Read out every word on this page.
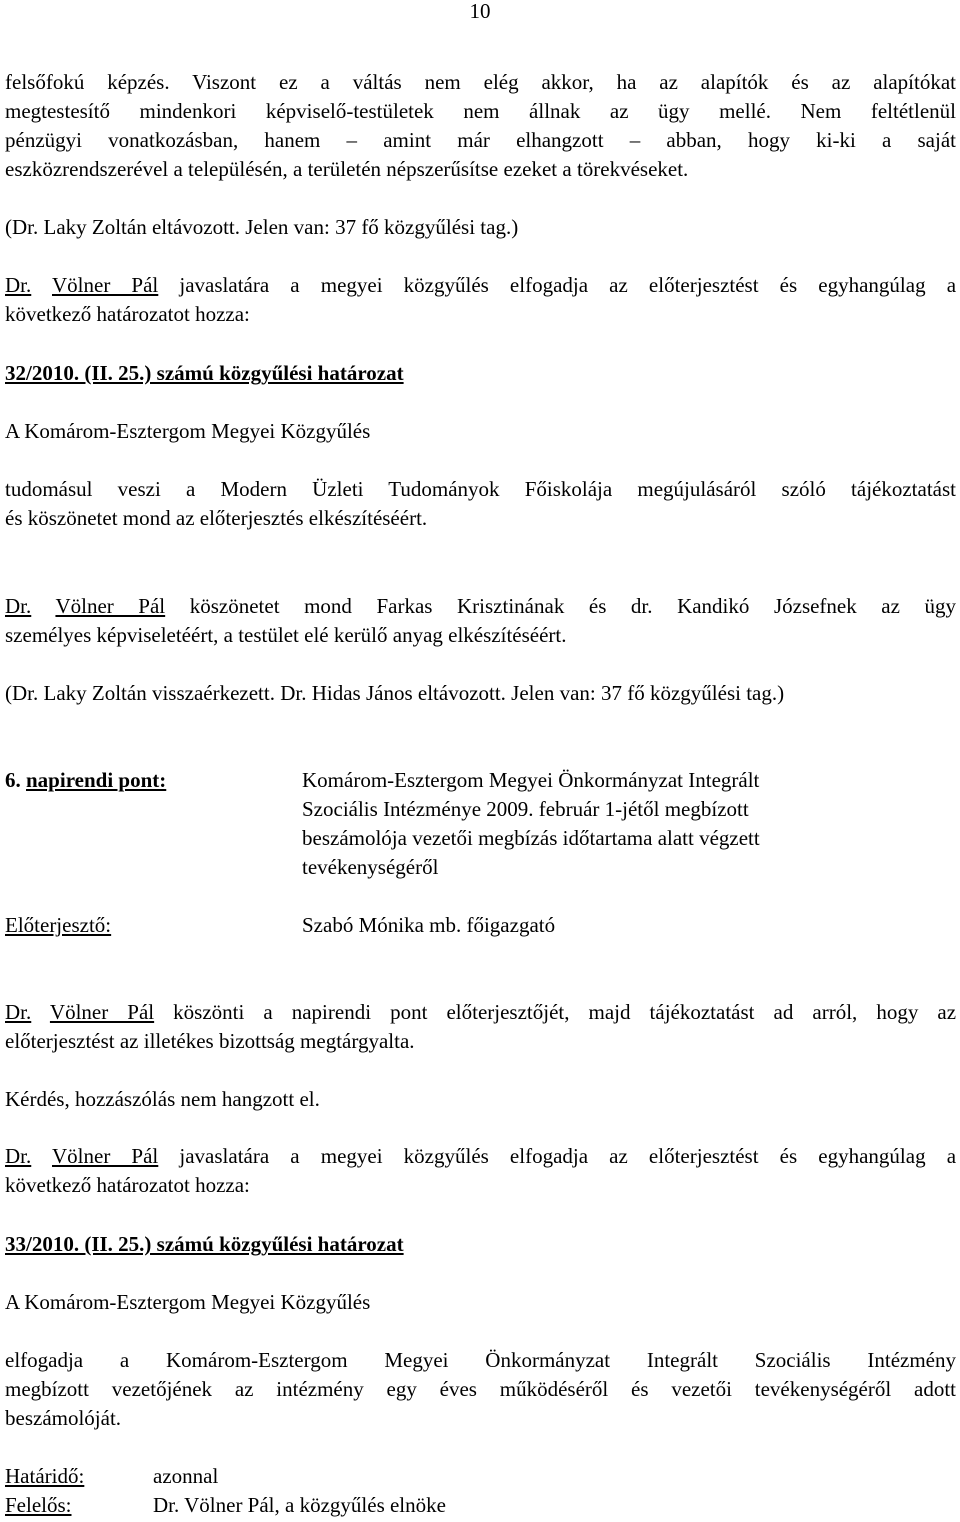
10
felsőfokú képzés. Viszont ez a váltás nem elég akkor, ha az alapítók és az alapítókat
megtestesítő mindenkori képviselő-testületek nem állnak az ügy mellé. Nem feltétlenül
pénzügyi vonatkozásban, hanem – amint már elhangzott – abban, hogy ki-ki a saját
eszközrendszerével a településén, a területén népszerűsítse ezeket a törekvéseket.
(Dr. Laky Zoltán eltávozott. Jelen van: 37 fő közgyűlési tag.)
Dr. Völner Pál javaslatára a megyei közgyűlés elfogadja az előterjesztést és egyhangúlag a
következő határozatot hozza:
32/2010. (II. 25.) számú közgyűlési határozat
A Komárom-Esztergom Megyei Közgyűlés
tudomásul veszi a Modern Üzleti Tudományok Főiskolája megújulásáról szóló tájékoztatást
és köszönetet mond az előterjesztés elkészítéséért.
Dr. Völner Pál köszönetet mond Farkas Krisztinának és dr. Kandikó Józsefnek az ügy
személyes képviseletéért, a testület elé kerülő anyag elkészítéséért.
(Dr. Laky Zoltán visszaérkezett. Dr. Hidas János eltávozott. Jelen van: 37 fő közgyűlési tag.)
6. napirendi pont:	Komárom-Esztergom Megyei Önkormányzat Integrált
Szociális Intézménye 2009. február 1-jétől megbízott
beszámolója vezetői megbízás időtartama alatt végzett
tevékenységéről
Előterjesztő:	Szabó Mónika mb. főigazgató
Dr. Völner Pál köszönti a napirendi pont előterjesztőjét, majd tájékoztatást ad arról, hogy az
előterjesztést az illetékes bizottság megtárgyalta.
Kérdés, hozzászólás nem hangzott el.
Dr. Völner Pál javaslatára a megyei közgyűlés elfogadja az előterjesztést és egyhangúlag a
következő határozatot hozza:
33/2010. (II. 25.) számú közgyűlési határozat
A Komárom-Esztergom Megyei Közgyűlés
elfogadja a Komárom-Esztergom Megyei Önkormányzat Integrált Szociális Intézmény
megbízott vezetőjének az intézmény egy éves működéséről és vezetői tevékenységéről adott
beszámolóját.
Határidő:	azonnal
Felelős:	Dr. Völner Pál, a közgyűlés elnöke
